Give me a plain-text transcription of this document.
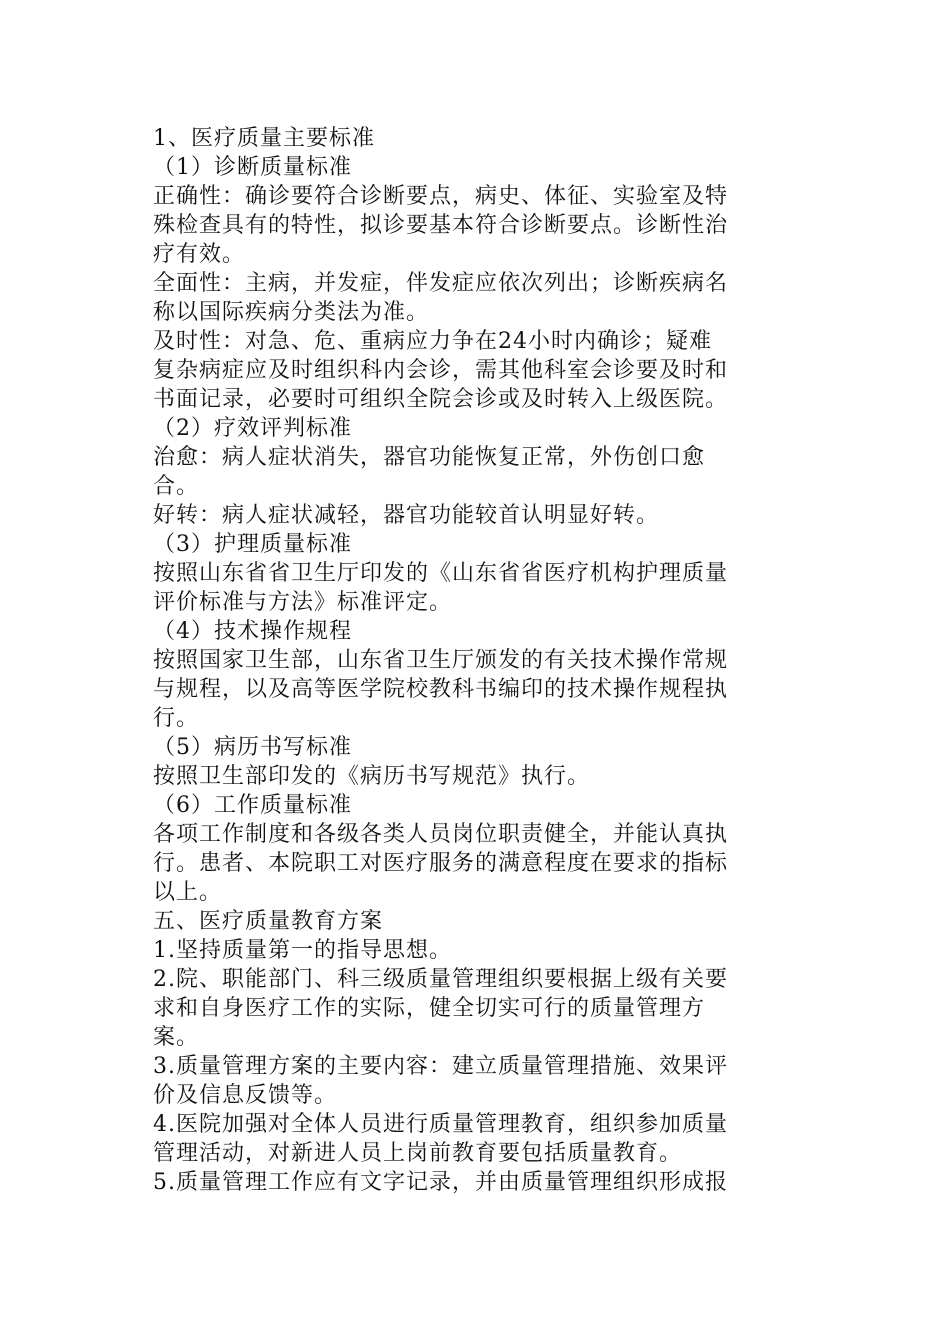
1、医疗质量主要标准
（1）诊断质量标准
正确性：确诊要符合诊断要点，病史、体征、实验室及特
殊检查具有的特性，拟诊要基本符合诊断要点。诊断性治
疗有效。
全面性：主病，并发症，伴发症应依次列出；诊断疾病名
称以国际疾病分类法为准。
及时性：对急、危、重病应力争在24小时内确诊；疑难
复杂病症应及时组织科内会诊，需其他科室会诊要及时和
书面记录，必要时可组织全院会诊或及时转入上级医院。
（2）疗效评判标准
治愈：病人症状消失，器官功能恢复正常，外伤创口愈
合。
好转：病人症状减轻，器官功能较首认明显好转。
（3）护理质量标准
按照山东省省卫生厅印发的《山东省省医疗机构护理质量
评价标准与方法》标准评定。
（4）技术操作规程
按照国家卫生部，山东省卫生厅颁发的有关技术操作常规
与规程，以及高等医学院校教科书编印的技术操作规程执
行。
（5）病历书写标准
按照卫生部印发的《病历书写规范》执行。
（6）工作质量标准
各项工作制度和各级各类人员岗位职责健全，并能认真执
行。患者、本院职工对医疗服务的满意程度在要求的指标
以上。
五、医疗质量教育方案
1.坚持质量第一的指导思想。
2.院、职能部门、科三级质量管理组织要根据上级有关要
求和自身医疗工作的实际，健全切实可行的质量管理方
案。
3.质量管理方案的主要内容：建立质量管理措施、效果评
价及信息反馈等。
4.医院加强对全体人员进行质量管理教育，组织参加质量
管理活动，对新进人员上岗前教育要包括质量教育。
5.质量管理工作应有文字记录，并由质量管理组织形成报
